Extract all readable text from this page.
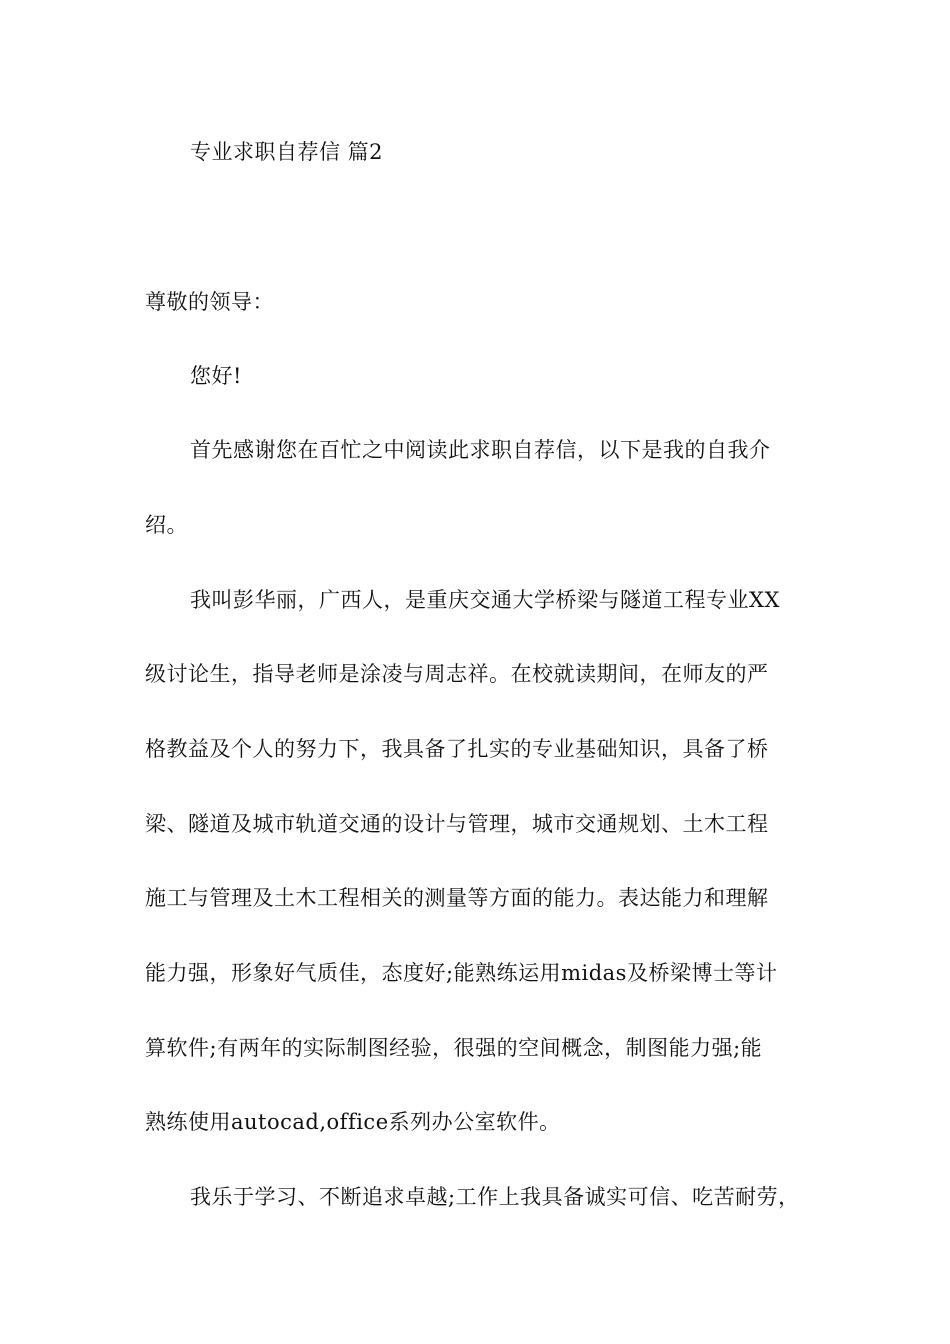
专业求职自荐信 篇2
尊敬的领导：
您好!
首先感谢您在百忙之中阅读此求职自荐信，以下是我的自我介
绍。
我叫彭华丽，广西人，是重庆交通大学桥梁与隧道工程专业XX
级讨论生，指导老师是涂凌与周志祥。在校就读期间，在师友的严
格教益及个人的努力下，我具备了扎实的专业基础知识，具备了桥
梁、隧道及城市轨道交通的设计与管理，城市交通规划、土木工程
施工与管理及土木工程相关的测量等方面的能力。表达能力和理解
能力强，形象好气质佳，态度好;能熟练运用midas及桥梁博士等计
算软件;有两年的实际制图经验，很强的空间概念，制图能力强;能
熟练使用autocad,office系列办公室软件。
我乐于学习、不断追求卓越;工作上我具备诚实可信、吃苦耐劳，
